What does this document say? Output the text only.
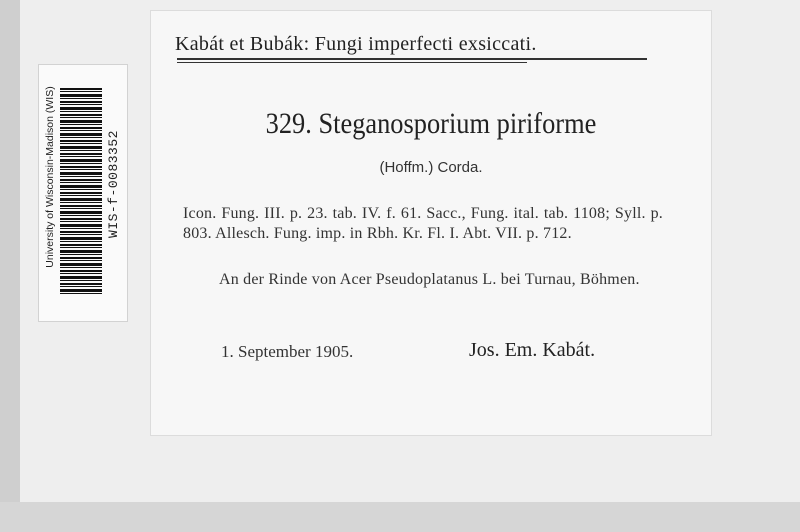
University of Wisconsin-Madison (WIS)	WIS-f-0083352
Kabát et Bubák: Fungi imperfecti exsiccati.
329. Steganosporium piriforme
(Hoffm.) Corda.
Icon. Fung. III. p. 23. tab. IV. f. 61. Sacc., Fung. ital. tab. 1108; Syll. p. 803. Allesch. Fung. imp. in Rbh. Kr. Fl. I. Abt. VII. p. 712.
An der Rinde von Acer Pseudoplatanus L. bei Turnau, Böhmen.
1. September 1905.	Jos. Em. Kabát.
